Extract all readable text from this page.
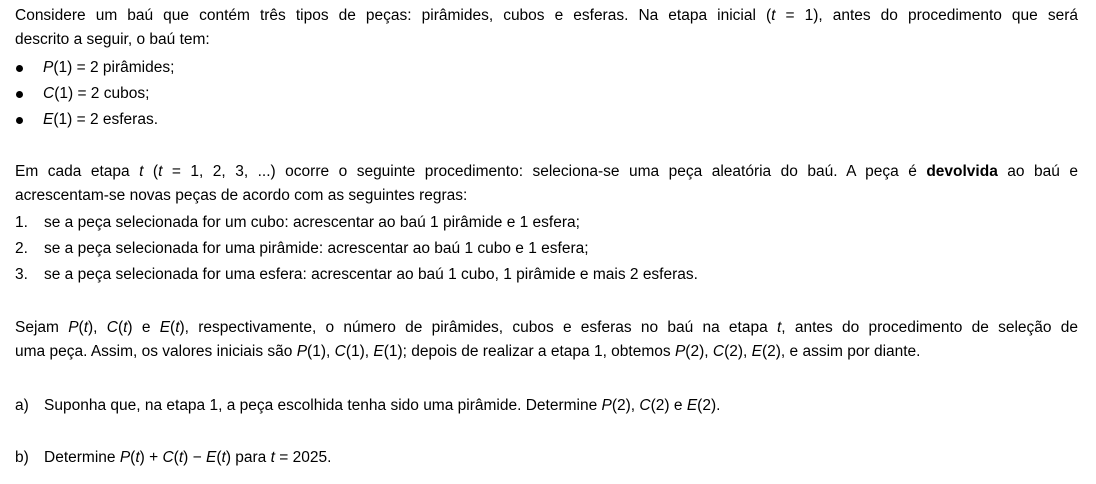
Considere um baú que contém três tipos de peças: pirâmides, cubos e esferas. Na etapa inicial (t = 1), antes do procedimento que será

descrito a seguir, o baú tem:

P(1) = 2 pirâmides;
C(1) = 2 cubos;
E(1) = 2 esferas.

Em cada etapa t (t = 1, 2, 3, ...) ocorre o seguinte procedimento: seleciona-se uma peça aleatória do baú. A peça é devolvida ao baú e

acrescentam-se novas peças de acordo com as seguintes regras:

1. se a peça selecionada for um cubo: acrescentar ao baú 1 pirâmide e 1 esfera;
2. se a peça selecionada for uma pirâmide: acrescentar ao baú 1 cubo e 1 esfera;
3. se a peça selecionada for uma esfera: acrescentar ao baú 1 cubo, 1 pirâmide e mais 2 esferas.

Sejam P(t), C(t) e E(t), respectivamente, o número de pirâmides, cubos e esferas no baú na etapa t, antes do procedimento de seleção de

uma peça. Assim, os valores iniciais são P(1), C(1), E(1); depois de realizar a etapa 1, obtemos P(2), C(2), E(2), e assim por diante.

a) Suponha que, na etapa 1, a peça escolhida tenha sido uma pirâmide. Determine P(2), C(2) e E(2).

b) Determine P(t) + C(t) − E(t) para t = 2025.
